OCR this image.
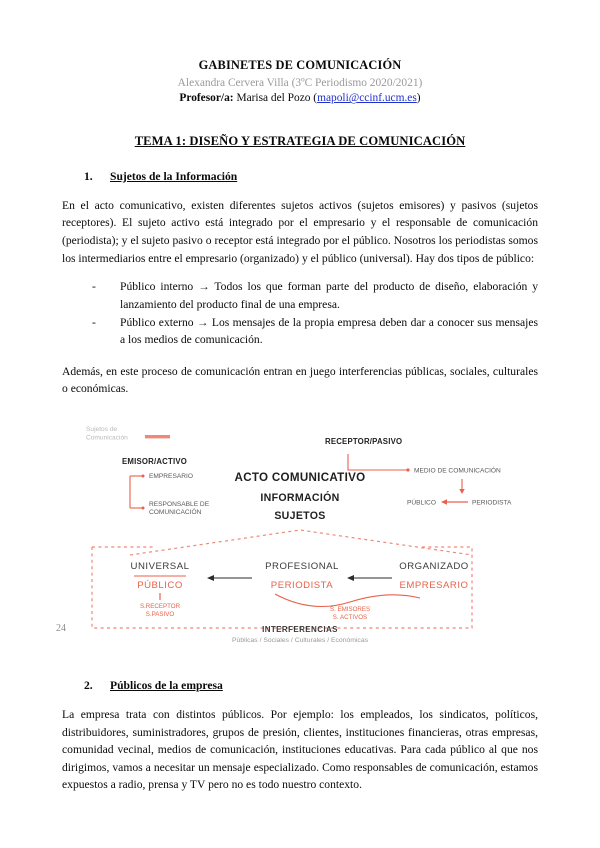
GABINETES DE COMUNICACIÓN
Alexandra Cervera Villa (3ºC Periodismo 2020/2021)
Profesor/a: Marisa del Pozo (mapoli@ccinf.ucm.es)
TEMA 1: DISEÑO Y ESTRATEGIA DE COMUNICACIÓN
1.	Sujetos de la Información

En el acto comunicativo, existen diferentes sujetos activos (sujetos emisores) y pasivos (sujetos receptores). El sujeto activo está integrado por el empresario y el responsable de comunicación (periodista); y el sujeto pasivo o receptor está integrado por el público. Nosotros los periodistas somos los intermediarios entre el empresario (organizado) y el público (universal). Hay dos tipos de público:

- Público interno → Todos los que forman parte del producto de diseño, elaboración y lanzamiento del producto final de una empresa.
- Público externo → Los mensajes de la propia empresa deben dar a conocer sus mensajes a los medios de comunicación.

Además, en este proceso de comunicación entran en juego interferencias públicas, sociales, culturales o económicas.

Sujetos de
Comunicación
EMISOR/ACTIVO
EMPRESARIO
RESPONSABLE DE
COMUNICACIÓN
RECEPTOR/PASIVO
MEDIO DE COMUNICACIÓN
PÚBLICO	PERIODISTA
ACTO COMUNICATIVO
INFORMACIÓN
SUJETOS
UNIVERSAL
PÚBLICO
S.RECEPTOR
S.PASIVO
PROFESIONAL
PERIODISTA
ORGANIZADO
EMPRESARIO
S. EMISORES
S. ACTIVOS
INTERFERENCIAS
Públicas / Sociales / Culturales / Económicas
24
2.	Públicos de la empresa

La empresa trata con distintos públicos. Por ejemplo: los empleados, los sindicatos, políticos, distribuidores, suministradores, grupos de presión, clientes, instituciones financieras, otras empresas, comunidad vecinal, medios de comunicación, instituciones educativas. Para cada público al que nos dirigimos, vamos a necesitar un mensaje especializado. Como responsables de comunicación, estamos expuestos a radio, prensa y TV pero no es todo nuestro contexto.
